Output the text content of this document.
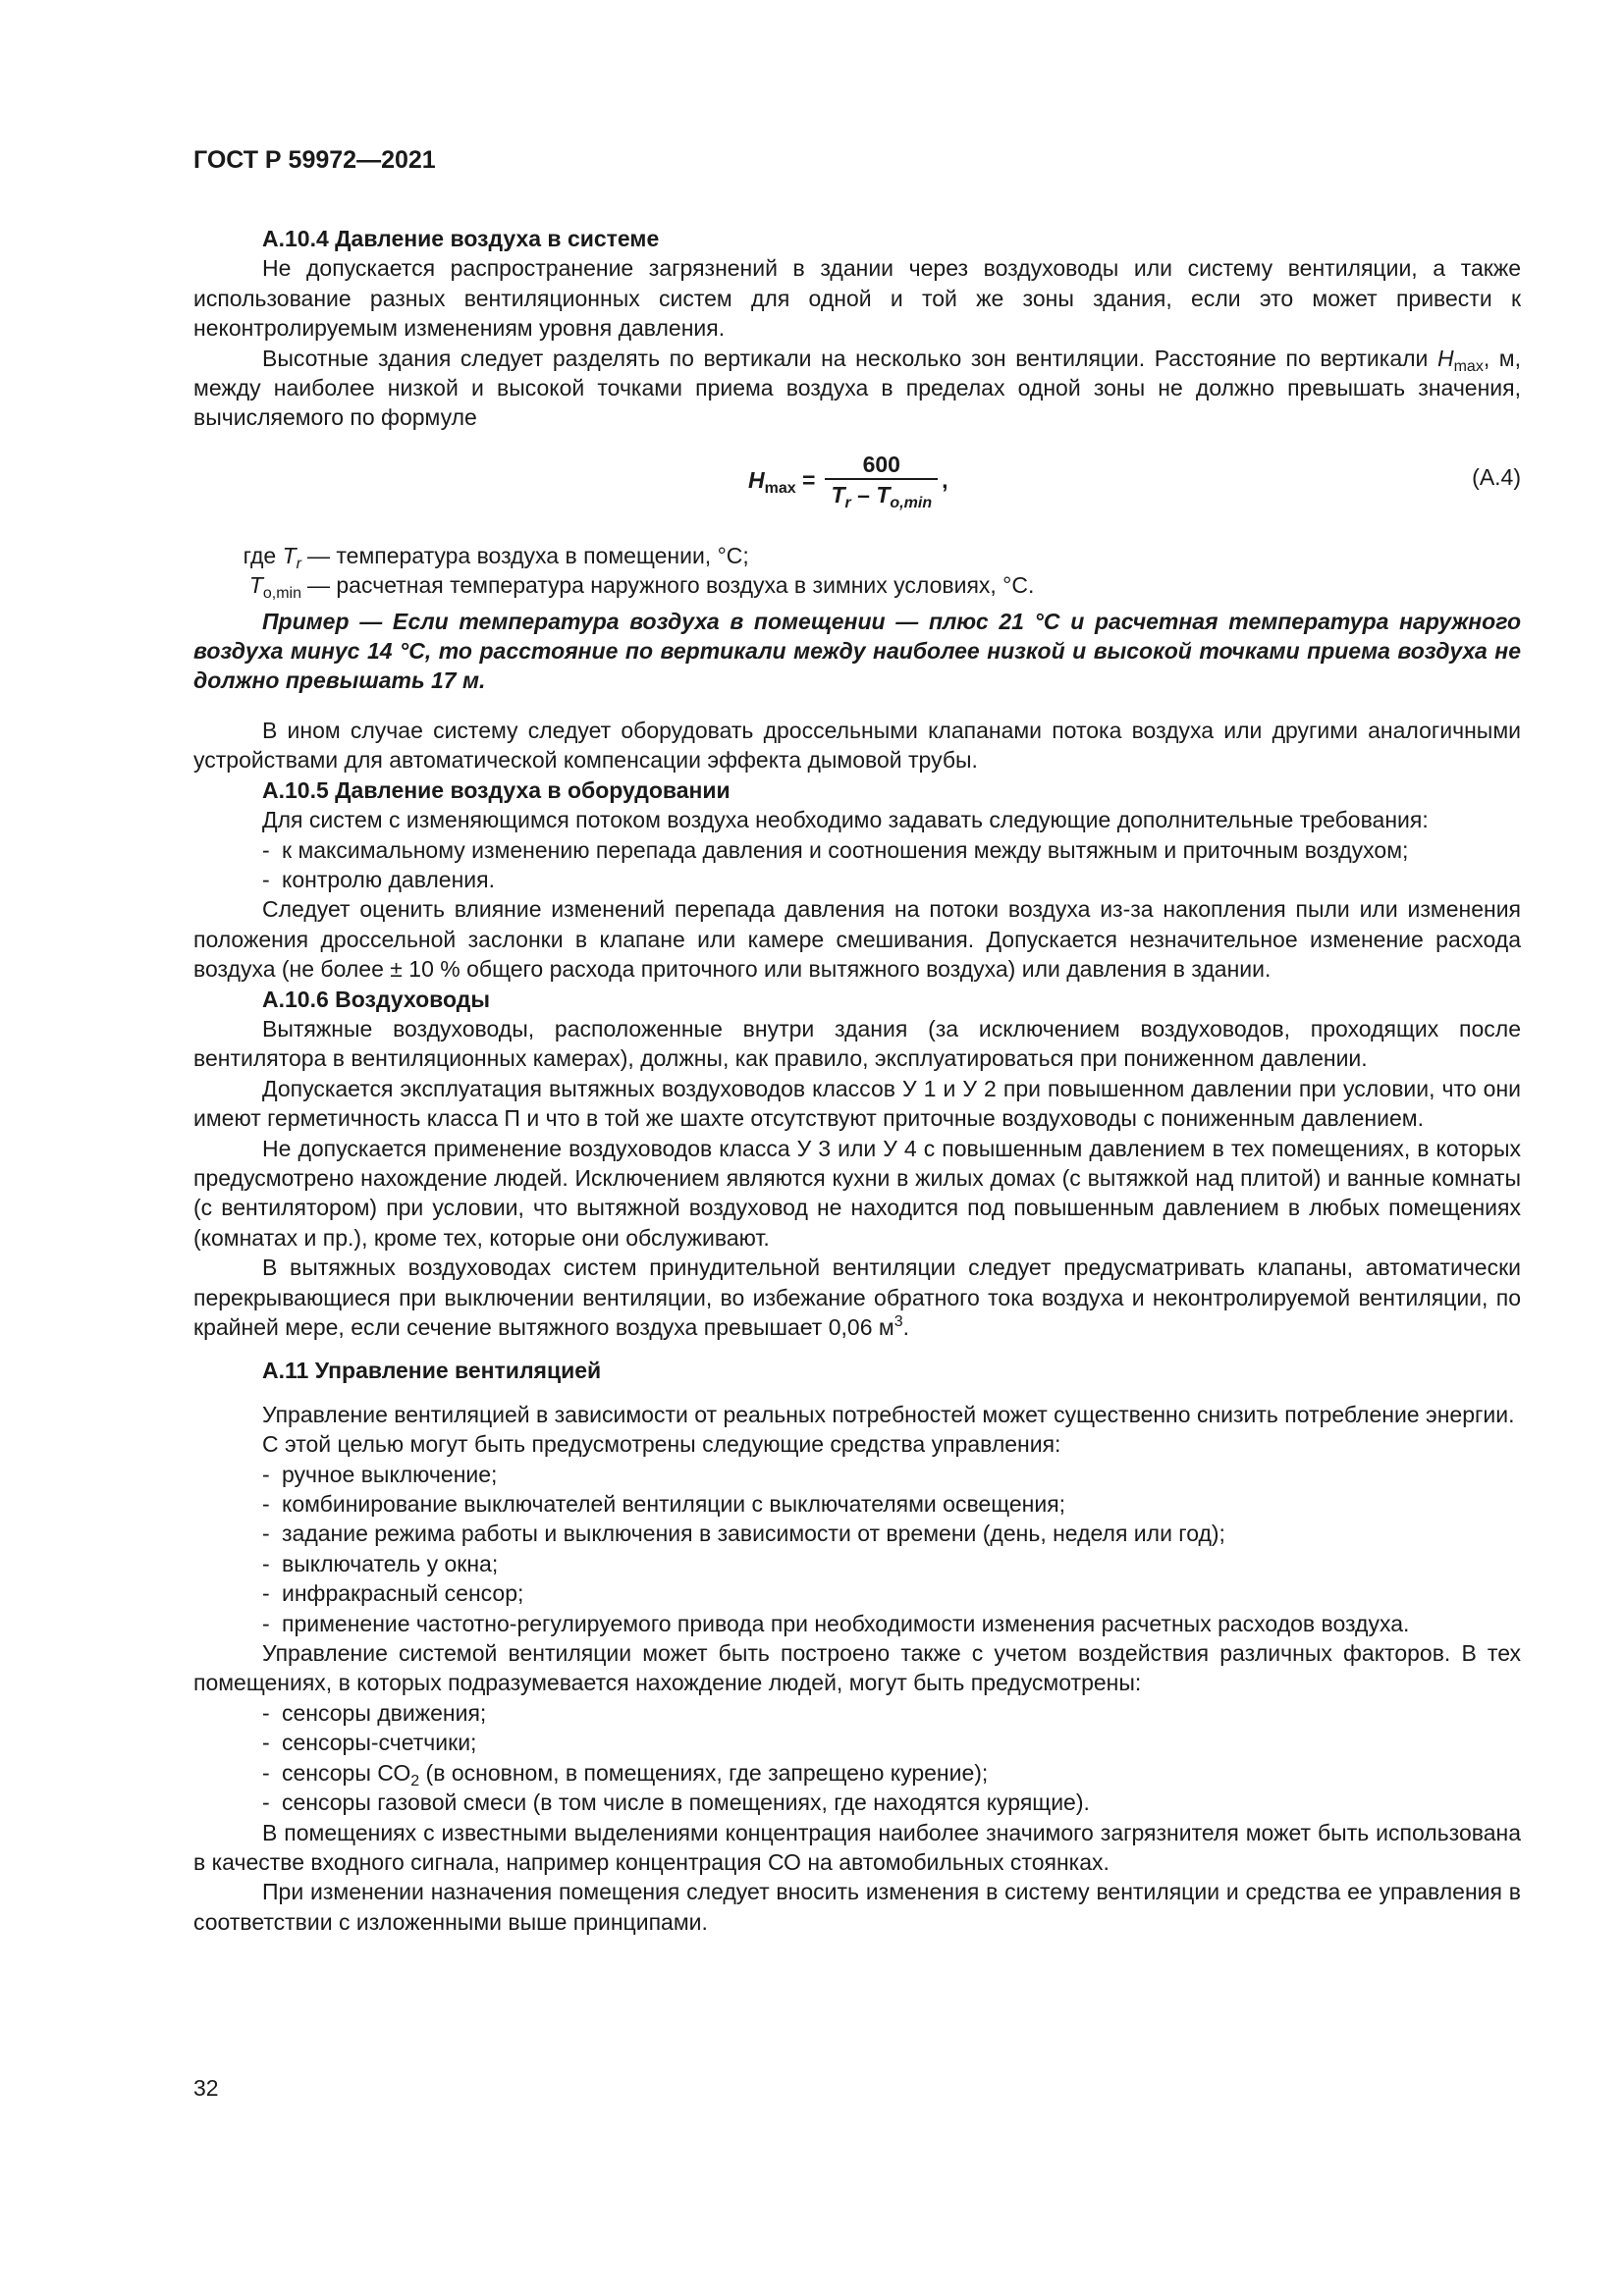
ГОСТ Р 59972—2021

А.10.4 Давление воздуха в системе

Не допускается распространение загрязнений в здании через воздуховоды или систему вентиляции, а также использование разных вентиляционных систем для одной и той же зоны здания, если это может привести к неконтролируемым изменениям уровня давления.

Высотные здания следует разделять по вертикали на несколько зон вентиляции. Расстояние по вертикали $H_{max}$, м, между наиболее низкой и высокой точками приема воздуха в пределах одной зоны не должно превышать значения, вычисляемого по формуле

$H_{max} = \frac{600}{T_r - T_{o,min}}$ ,	(А.4)
где $T_r$ — температура воздуха в помещении, °С;
$T_{o,min}$ — расчетная температура наружного воздуха в зимних условиях, °С.

Пример — Если температура воздуха в помещении — плюс 21 °С и расчетная температура наружного воздуха минус 14 °С, то расстояние по вертикали между наиболее низкой и высокой точками приема воздуха не должно превышать 17 м.

В ином случае систему следует оборудовать дроссельными клапанами потока воздуха или другими аналогичными устройствами для автоматической компенсации эффекта дымовой трубы.

А.10.5 Давление воздуха в оборудовании

Для систем с изменяющимся потоком воздуха необходимо задавать следующие дополнительные требования:

- к максимальному изменению перепада давления и соотношения между вытяжным и приточным воздухом;

- контролю давления.

Следует оценить влияние изменений перепада давления на потоки воздуха из-за накопления пыли или изменения положения дроссельной заслонки в клапане или камере смешивания. Допускается незначительное изменение расхода воздуха (не более ± 10 % общего расхода приточного или вытяжного воздуха) или давления в здании.

А.10.6 Воздуховоды

Вытяжные воздуховоды, расположенные внутри здания (за исключением воздуховодов, проходящих после вентилятора в вентиляционных камерах), должны, как правило, эксплуатироваться при пониженном давлении.

Допускается эксплуатация вытяжных воздуховодов классов У 1 и У 2 при повышенном давлении при условии, что они имеют герметичность класса П и что в той же шахте отсутствуют приточные воздуховоды с пониженным давлением.

Не допускается применение воздуховодов класса У 3 или У 4 с повышенным давлением в тех помещениях, в которых предусмотрено нахождение людей. Исключением являются кухни в жилых домах (с вытяжкой над плитой) и ванные комнаты (с вентилятором) при условии, что вытяжной воздуховод не находится под повышенным давлением в любых помещениях (комнатах и пр.), кроме тех, которые они обслуживают.

В вытяжных воздуховодах систем принудительной вентиляции следует предусматривать клапаны, автоматически перекрывающиеся при выключении вентиляции, во избежание обратного тока воздуха и неконтролируемой вентиляции, по крайней мере, если сечение вытяжного воздуха превышает 0,06 $м^3$.

А.11 Управление вентиляцией

Управление вентиляцией в зависимости от реальных потребностей может существенно снизить потребление энергии.

С этой целью могут быть предусмотрены следующие средства управления:

- ручное выключение;

- комбинирование выключателей вентиляции с выключателями освещения;

- задание режима работы и выключения в зависимости от времени (день, неделя или год);

- выключатель у окна;

- инфракрасный сенсор;

- применение частотно-регулируемого привода при необходимости изменения расчетных расходов воздуха.

Управление системой вентиляции может быть построено также с учетом воздействия различных факторов. В тех помещениях, в которых подразумевается нахождение людей, могут быть предусмотрены:

- сенсоры движения;

- сенсоры-счетчики;

- сенсоры $СО_2$ (в основном, в помещениях, где запрещено курение);

- сенсоры газовой смеси (в том числе в помещениях, где находятся курящие).

В помещениях с известными выделениями концентрация наиболее значимого загрязнителя может быть использована в качестве входного сигнала, например концентрация СО на автомобильных стоянках.

При изменении назначения помещения следует вносить изменения в систему вентиляции и средства ее управления в соответствии с изложенными выше принципами.

32
